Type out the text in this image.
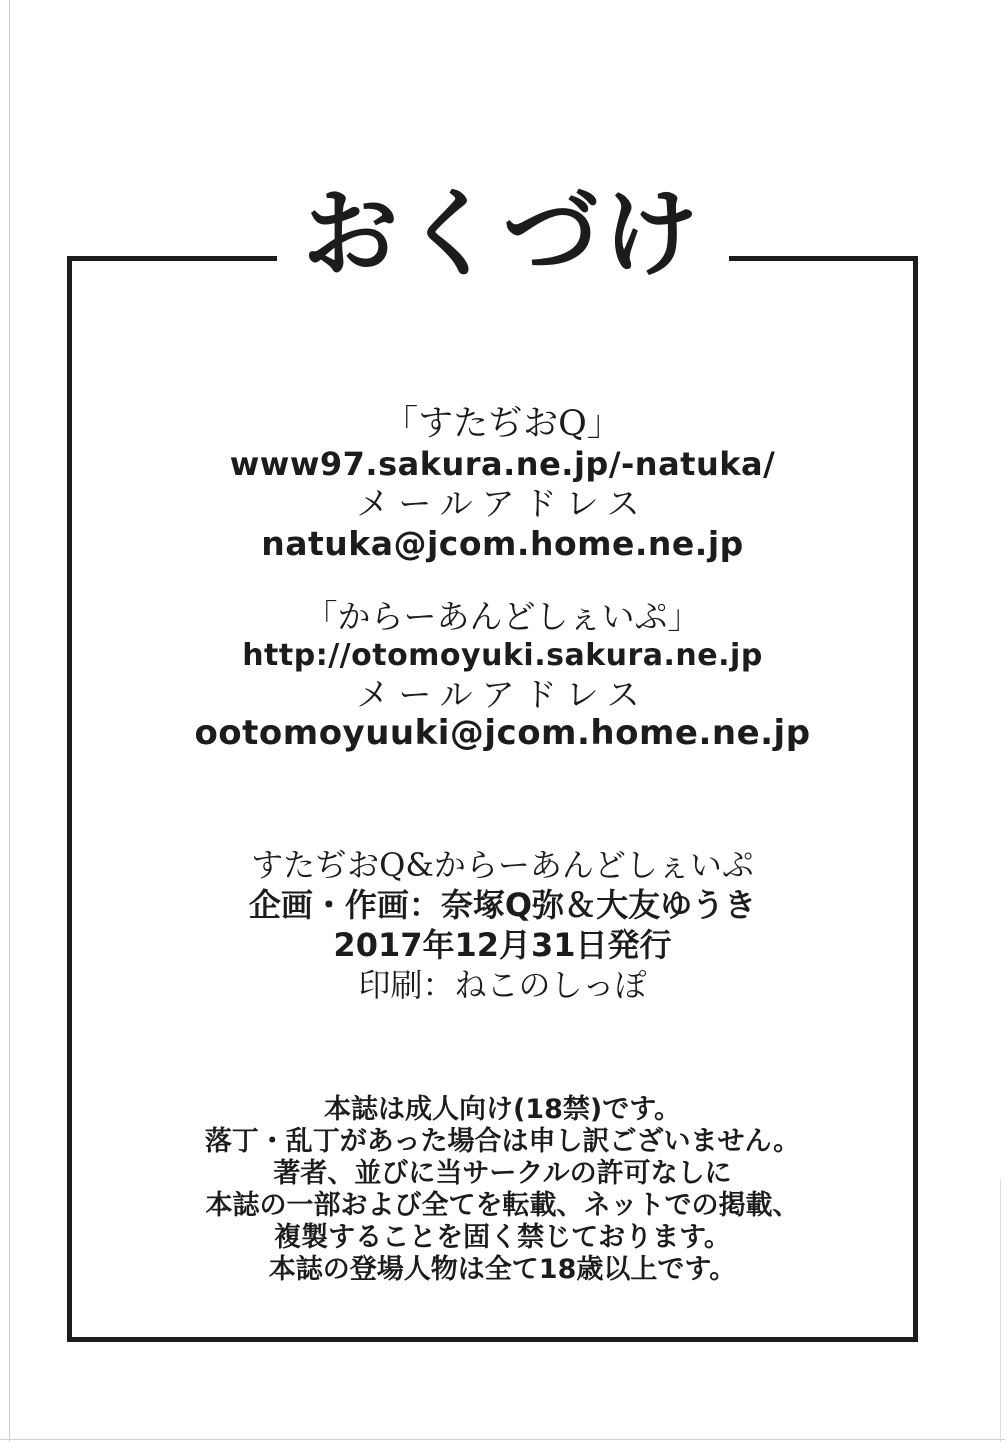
おくづけ

「すたぢおQ」

www97.sakura.ne.jp/-natuka/

メールアドレス

natuka@jcom.home.ne.jp

「からーあんどしぇいぷ」

http://otomoyuki.sakura.ne.jp

メールアドレス

ootomoyuuki@jcom.home.ne.jp

すたぢおQ&からーあんどしぇいぷ

企画・作画：奈塚Q弥＆大友ゆうき

2017年12月31日発行

印刷：ねこのしっぽ

本誌は成人向け(18禁)です。

落丁・乱丁があった場合は申し訳ございません。

著者、並びに当サークルの許可なしに

本誌の一部および全てを転載、ネットでの掲載、

複製することを固く禁じております。

本誌の登場人物は全て18歳以上です。
